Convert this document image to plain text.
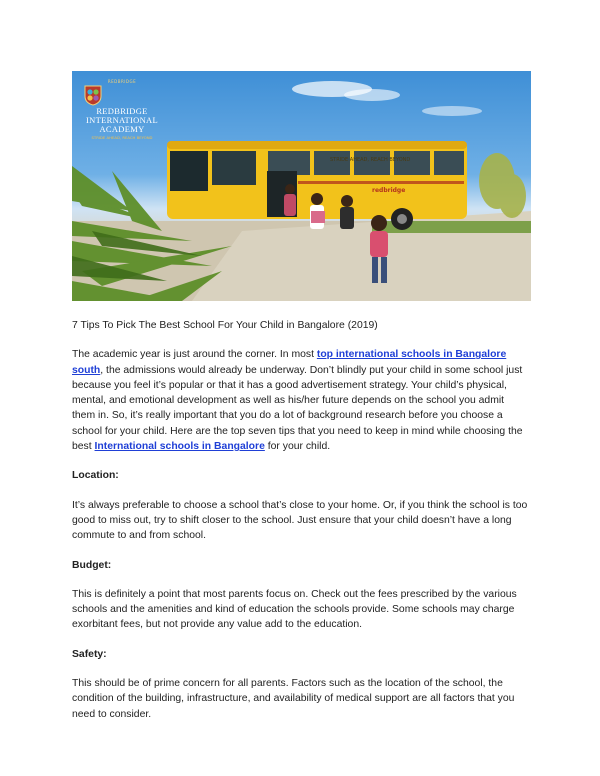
REDBRIDGE
REDBRIDGE
INTERNATIONAL
ACADEMY
STRIDE AHEAD, REACH BEYOND
STRIDE AHEAD, REACH BEYOND
redbridge
7 Tips To Pick The Best School For Your Child in Bangalore (2019)

The academic year is just around the corner. In most top international schools in Bangalore south, the admissions would already be underway. Don’t blindly put your child in some school just because you feel it’s popular or that it has a good advertisement strategy. Your child’s physical, mental, and emotional development as well as his/her future depends on the school you admit them in. So, it’s really important that you do a lot of background research before you choose a school for your child. Here are the top seven tips that you need to keep in mind while choosing the best International schools in Bangalore for your child.

Location:

It’s always preferable to choose a school that’s close to your home. Or, if you think the school is too good to miss out, try to shift closer to the school. Just ensure that your child doesn’t have a long commute to and from school.

Budget:

This is definitely a point that most parents focus on. Check out the fees prescribed by the various schools and the amenities and kind of education the schools provide. Some schools may charge exorbitant fees, but not provide any value add to the education.

Safety:

This should be of prime concern for all parents. Factors such as the location of the school, the condition of the building, infrastructure, and availability of medical support are all factors that you need to consider.
